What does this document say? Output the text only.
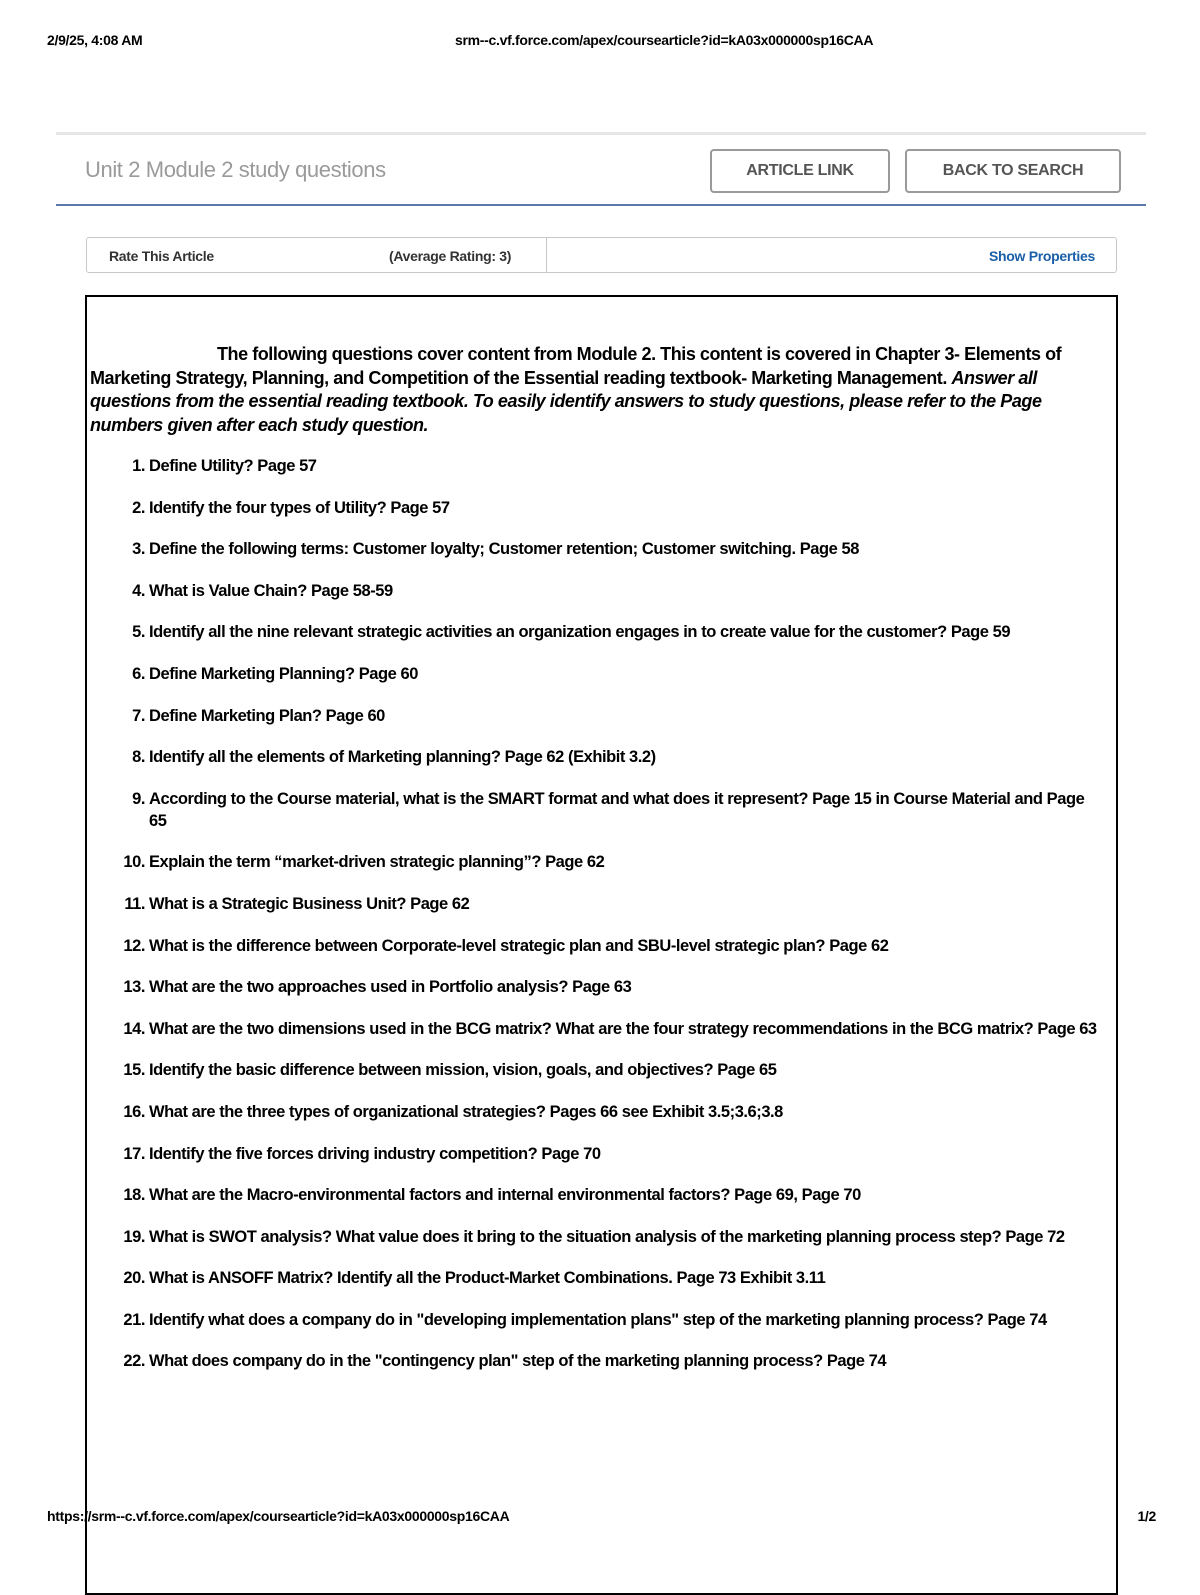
2/9/25, 4:08 AM	srm--c.vf.force.com/apex/coursearticle?id=kA03x000000sp16CAA
Unit 2 Module 2 study questions	ARTICLE LINK	BACK TO SEARCH
Rate This Article	(Average Rating: 3)	Show Properties
The following questions cover content from Module 2. This content is covered in Chapter 3- Elements of Marketing Strategy, Planning, and Competition of the Essential reading textbook- Marketing Management. Answer all questions from the essential reading textbook. To easily identify answers to study questions, please refer to the Page numbers given after each study question.
1. Define Utility? Page 57
2. Identify the four types of Utility? Page 57
3. Define the following terms: Customer loyalty; Customer retention; Customer switching. Page 58
4. What is Value Chain? Page 58-59
5. Identify all the nine relevant strategic activities an organization engages in to create value for the customer? Page 59
6. Define Marketing Planning? Page 60
7. Define Marketing Plan? Page 60
8. Identify all the elements of Marketing planning? Page 62 (Exhibit 3.2)
9. According to the Course material, what is the SMART format and what does it represent? Page 15 in Course Material and Page 65
10. Explain the term “market-driven strategic planning”? Page 62
11. What is a Strategic Business Unit? Page 62
12. What is the difference between Corporate-level strategic plan and SBU-level strategic plan? Page 62
13. What are the two approaches used in Portfolio analysis? Page 63
14. What are the two dimensions used in the BCG matrix? What are the four strategy recommendations in the BCG matrix? Page 63
15. Identify the basic difference between mission, vision, goals, and objectives? Page 65
16. What are the three types of organizational strategies? Pages 66 see Exhibit 3.5;3.6;3.8
17. Identify the five forces driving industry competition? Page 70
18. What are the Macro-environmental factors and internal environmental factors? Page 69, Page 70
19. What is SWOT analysis? What value does it bring to the situation analysis of the marketing planning process step? Page 72
20. What is ANSOFF Matrix? Identify all the Product-Market Combinations. Page 73 Exhibit 3.11
21. Identify what does a company do in "developing implementation plans" step of the marketing planning process? Page 74
22. What does company do in the "contingency plan" step of the marketing planning process? Page 74
https://srm--c.vf.force.com/apex/coursearticle?id=kA03x000000sp16CAA	1/2
